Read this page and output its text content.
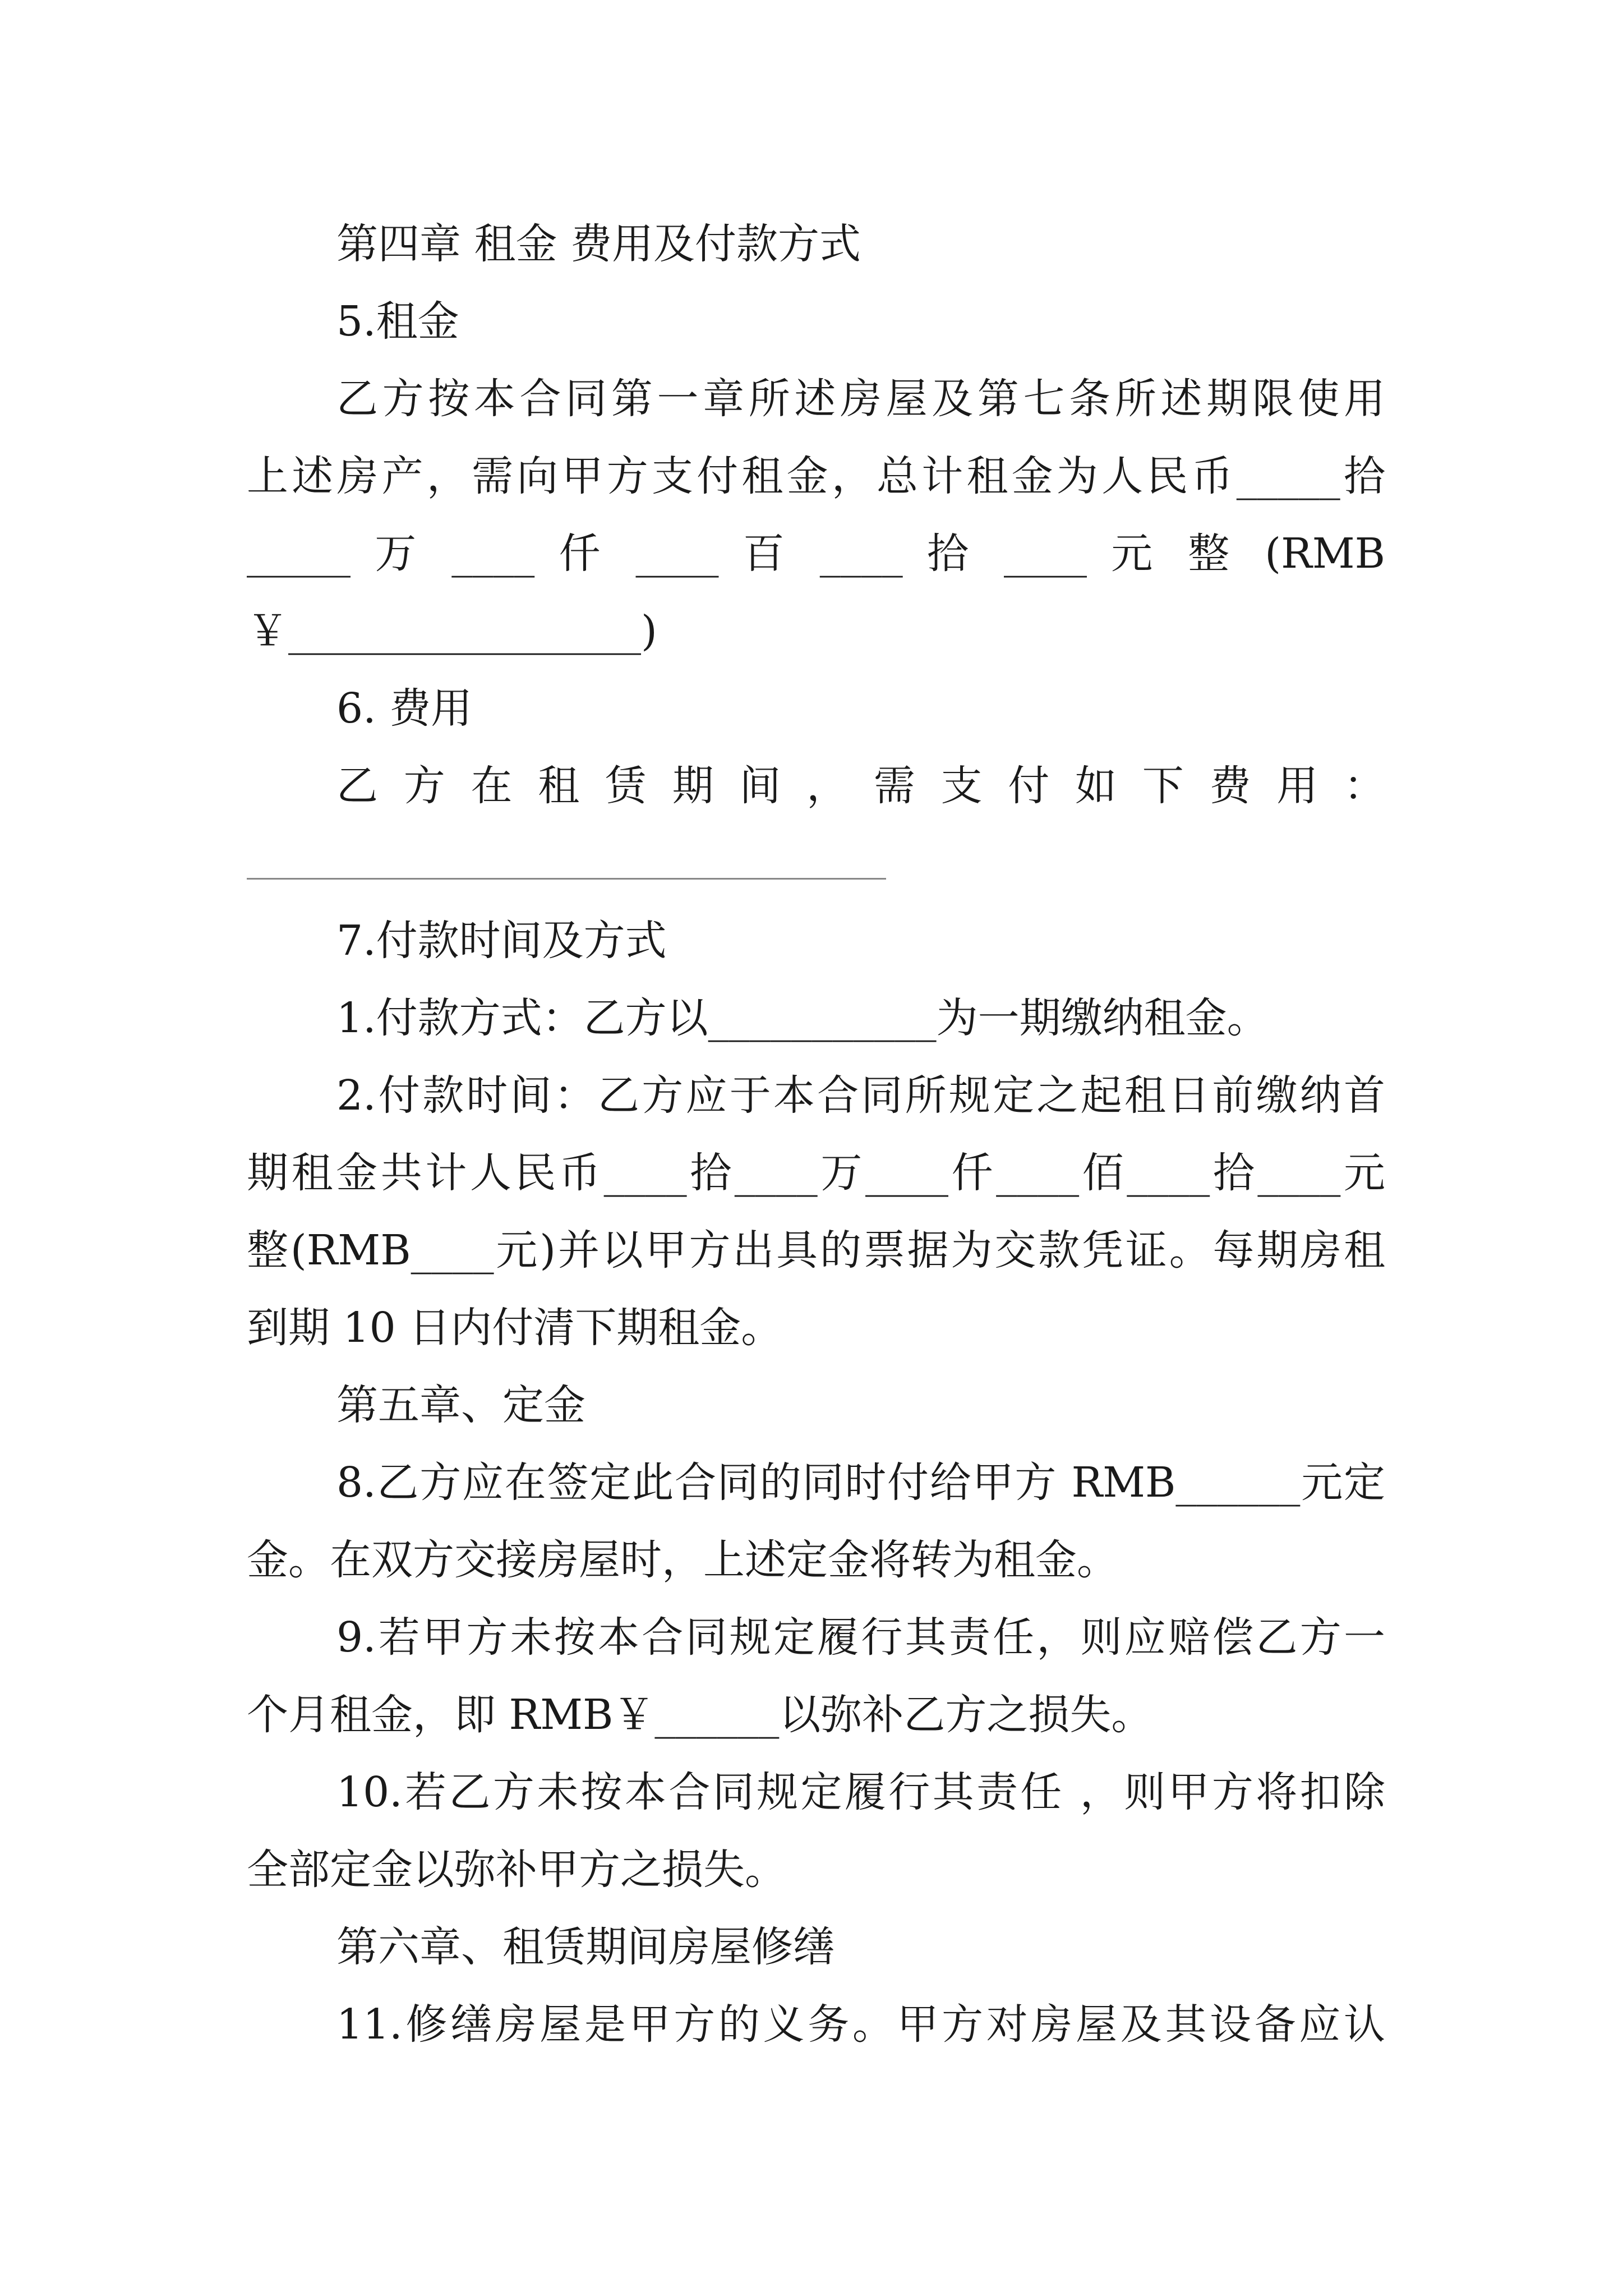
第四章 租金 费用及付款方式
5.租金
乙方按本合同第一章所述房屋及第七条所述期限使用
上述房产，需向甲方支付租金，总计租金为人民币_____拾
_____ 万 ____ 仟 ____ 百 ____ 拾 ____ 元 整 (RMB
￥_________________)
6. 费用
乙 方 在 租 赁 期 间 ， 需 支 付 如 下 费 用 ：
7.付款时间及方式
1.付款方式：乙方以___________为一期缴纳租金。
2.付款时间：乙方应于本合同所规定之起租日前缴纳首
期租金共计人民币____拾____万____仟____佰____拾____元
整(RMB____元)并以甲方出具的票据为交款凭证。每期房租
到期 10 日内付清下期租金。
第五章、定金
8.乙方应在签定此合同的同时付给甲方 RMB______元定
金。在双方交接房屋时，上述定金将转为租金。
9.若甲方未按本合同规定履行其责任，则应赔偿乙方一
个月租金，即 RMB￥______以弥补乙方之损失。
10.若乙方未按本合同规定履行其责任 ，则甲方将扣除
全部定金以弥补甲方之损失。
第六章、租赁期间房屋修缮
11.修缮房屋是甲方的义务。甲方对房屋及其设备应认
